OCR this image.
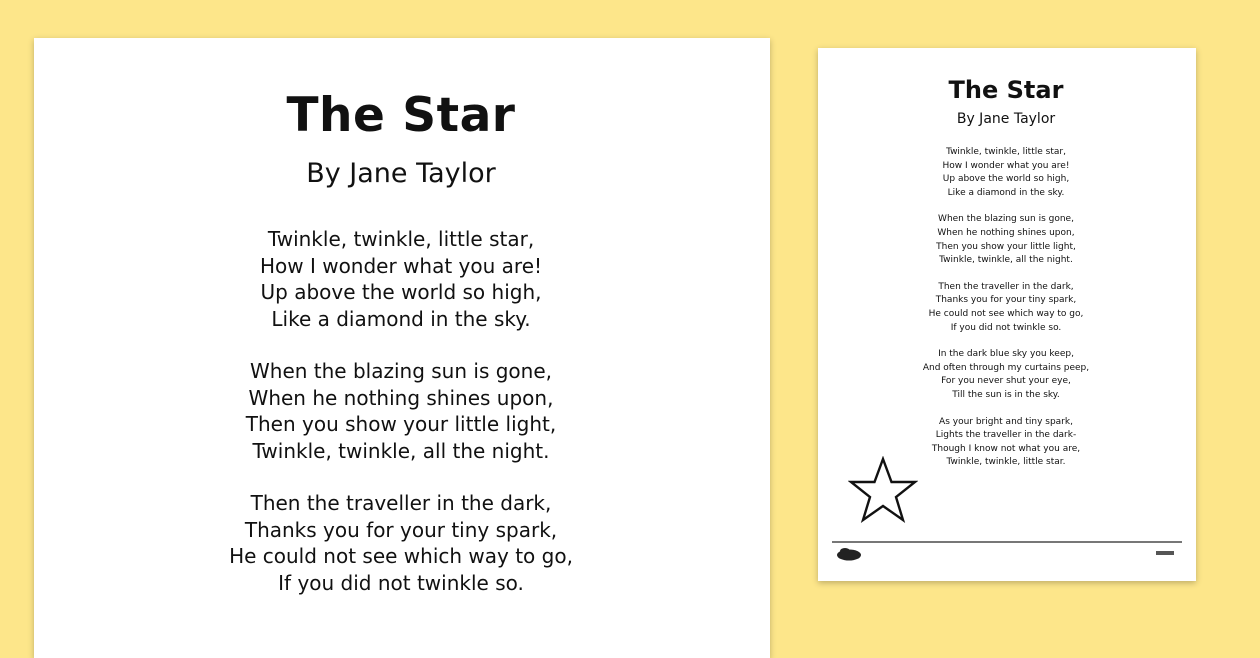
The Star
By Jane Taylor
Twinkle, twinkle, little star,
How I wonder what you are!
Up above the world so high,
Like a diamond in the sky.
When the blazing sun is gone,
When he nothing shines upon,
Then you show your little light,
Twinkle, twinkle, all the night.
Then the traveller in the dark,
Thanks you for your tiny spark,
He could not see which way to go,
If you did not twinkle so.
The Star
By Jane Taylor
Twinkle, twinkle, little star,
How I wonder what you are!
Up above the world so high,
Like a diamond in the sky.
When the blazing sun is gone,
When he nothing shines upon,
Then you show your little light,
Twinkle, twinkle, all the night.
Then the traveller in the dark,
Thanks you for your tiny spark,
He could not see which way to go,
If you did not twinkle so.
In the dark blue sky you keep,
And often through my curtains peep,
For you never shut your eye,
Till the sun is in the sky.
As your bright and tiny spark,
Lights the traveller in the dark-
Though I know not what you are,
Twinkle, twinkle, little star.
